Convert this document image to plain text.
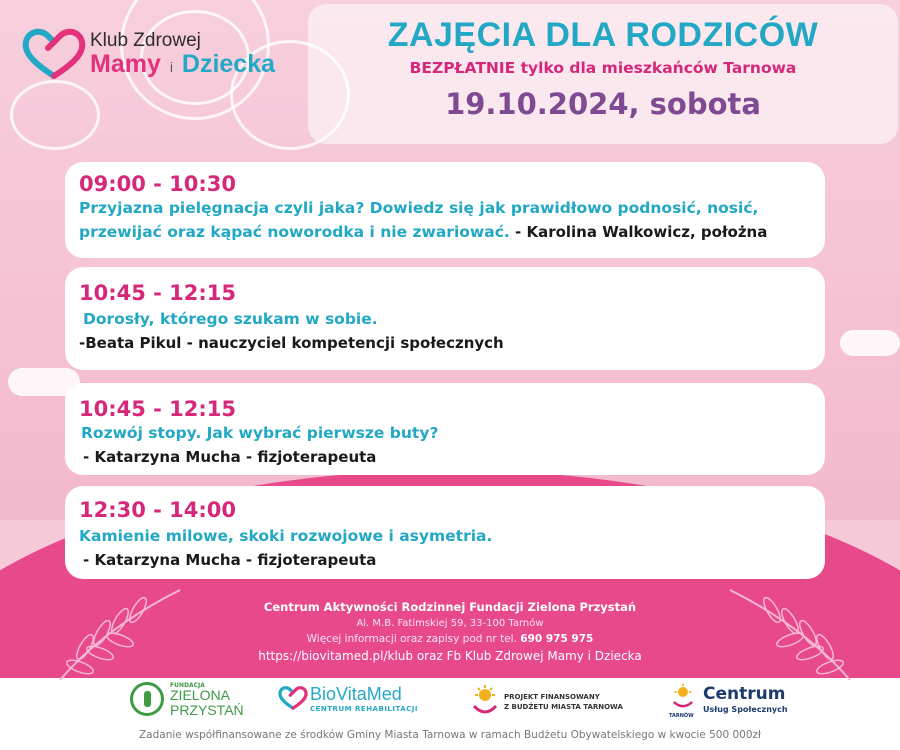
Klub Zdrowej
Mamy i Dziecka
ZAJĘCIA DLA RODZICÓW
BEZPŁATNIE tylko dla mieszkańców Tarnowa
19.10.2024, sobota
09:00 - 10:30
Przyjazna pielęgnacja czyli jaka? Dowiedz się jak prawidłowo podnosić, nosić, przewijać oraz kąpać noworodka i nie zwariować. - Karolina Walkowicz, położna
10:45 - 12:15
Dorosły, którego szukam w sobie.
-Beata Pikul - nauczyciel kompetencji społecznych
10:45 - 12:15
Rozwój stopy. Jak wybrać pierwsze buty?
- Katarzyna Mucha - fizjoterapeuta
12:30 - 14:00
Kamienie milowe, skoki rozwojowe i asymetria.
- Katarzyna Mucha - fizjoterapeuta
Centrum Aktywności Rodzinnej Fundacji Zielona Przystań
Al. M.B. Fatimskiej 59, 33-100 Tarnów
Więcej informacji oraz zapisy pod nr tel. 690 975 975
https://biovitamed.pl/klub oraz Fb Klub Zdrowej Mamy i Dziecka
FUNDACJA
ZIELONA
PRZYSTAŃ
BioVitaMed
CENTRUM REHABILITACJI
PROJEKT FINANSOWANY
Z BUDŻETU MIASTA TARNOWA
TARNÓW
Centrum
Usług Społecznych
Zadanie współfinansowane ze środków Gminy Miasta Tarnowa w ramach Budżetu Obywatelskiego w kwocie 500 000zł
